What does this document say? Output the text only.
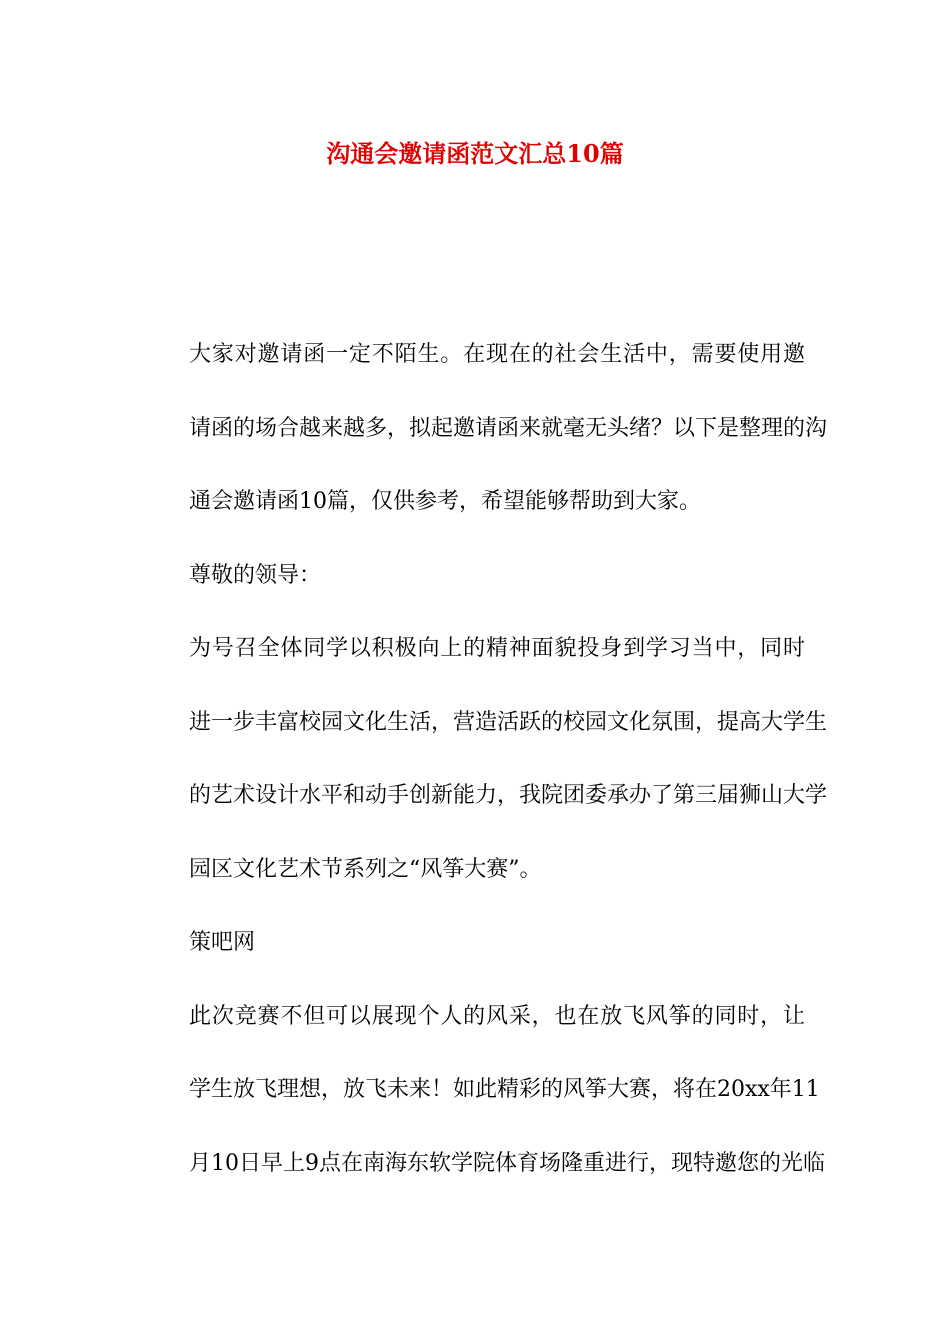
沟通会邀请函范文汇总10篇

大家对邀请函一定不陌生。在现在的社会生活中，需要使用邀
请函的场合越来越多，拟起邀请函来就毫无头绪？以下是整理的沟
通会邀请函10篇，仅供参考，希望能够帮助到大家。

尊敬的领导：

为号召全体同学以积极向上的精神面貌投身到学习当中，同时
进一步丰富校园文化生活，营造活跃的校园文化氛围，提高大学生
的艺术设计水平和动手创新能力，我院团委承办了第三届狮山大学
园区文化艺术节系列之“风筝大赛”。

策吧网

此次竞赛不但可以展现个人的风采，也在放飞风筝的同时，让
学生放飞理想，放飞未来！如此精彩的风筝大赛，将在20xx年11
月10日早上9点在南海东软学院体育场隆重进行，现特邀您的光临
